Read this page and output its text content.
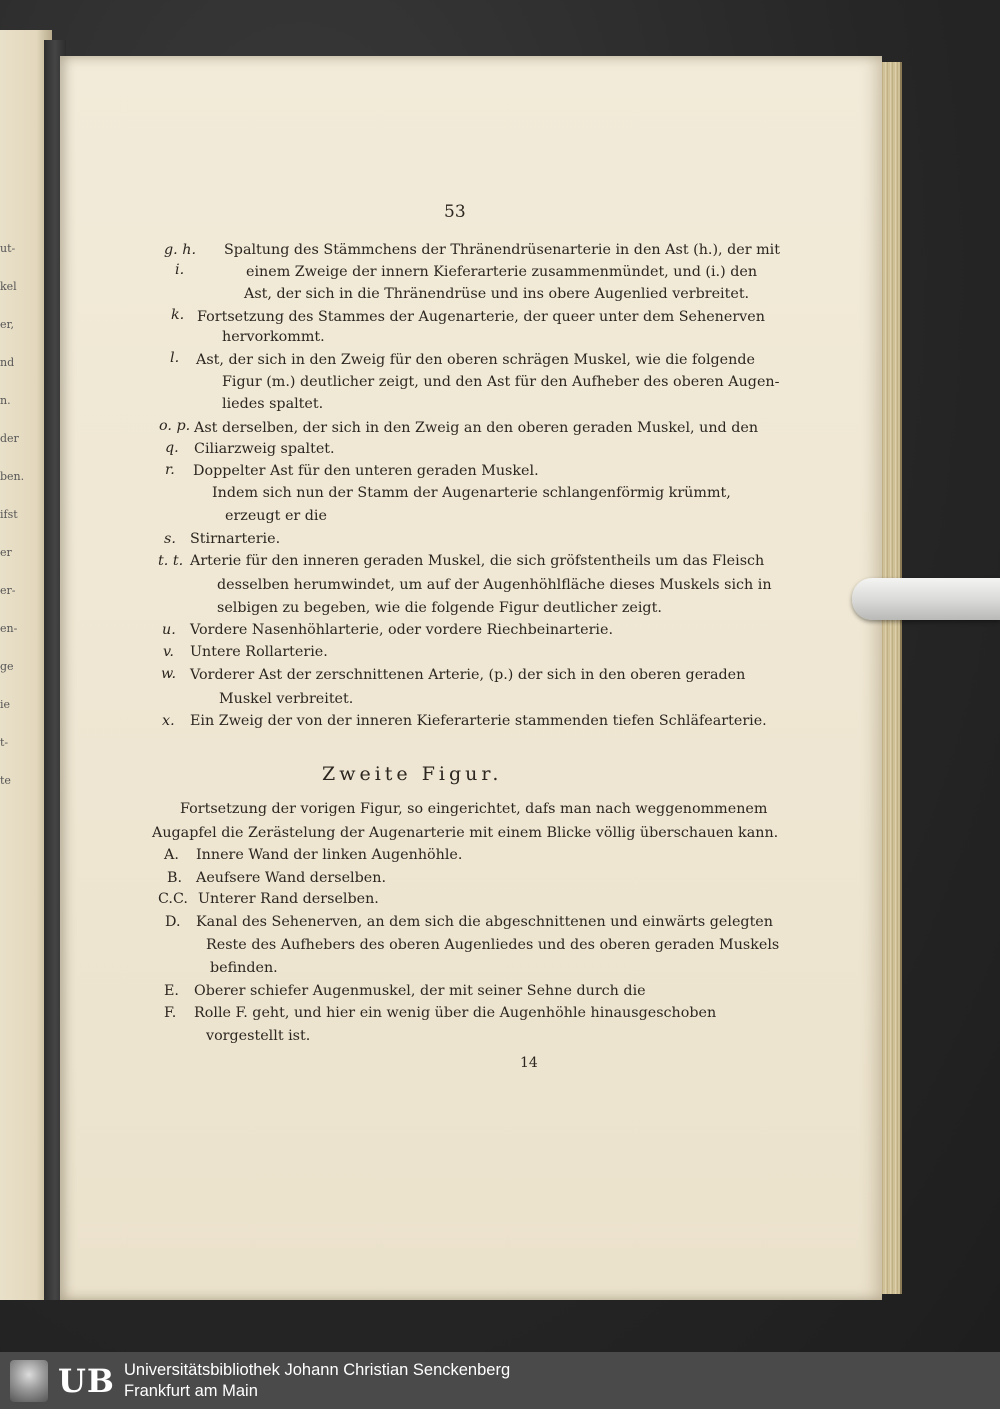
ut-
kel
er,
nd
n.
der
ben.
ifst
er
er-
en-
ge
ie
t-
te
53
g. h. Spaltung des Stämmchens der Thränendrüsenarterie in den Ast (h.), der mit
i.	einem Zweige der innern Kieferarterie zusammenmündet, und (i.) den
Ast, der sich in die Thränendrüse und ins obere Augenlied verbreitet.
k. Fortsetzung des Stammes der Augenarterie, der queer unter dem Sehenerven
hervorkommt.
l. Ast, der sich in den Zweig für den oberen schrägen Muskel, wie die folgende
Figur (m.) deutlicher zeigt, und den Ast für den Aufheber des oberen Augen-
liedes spaltet.
o. p. Ast derselben, der sich in den Zweig an den oberen geraden Muskel, und den
q. Ciliarzweig spaltet.
r. Doppelter Ast für den unteren geraden Muskel.
Indem sich nun der Stamm der Augenarterie schlangenförmig krümmt,
erzeugt er die
s. Stirnarterie.
t. t. Arterie für den inneren geraden Muskel, die sich gröfstentheils um das Fleisch
desselben herumwindet, um auf der Augenhöhlfläche dieses Muskels sich in
selbigen zu begeben, wie die folgende Figur deutlicher zeigt.
u. Vordere Nasenhöhlarterie, oder vordere Riechbeinarterie.
v. Untere Rollarterie.
w. Vorderer Ast der zerschnittenen Arterie, (p.) der sich in den oberen geraden
Muskel verbreitet.
x. Ein Zweig der von der inneren Kieferarterie stammenden tiefen Schläfearterie.
Fortsetzung der vorigen Figur, so eingerichtet, dafs man nach weggenommenem
Augapfel die Zerästelung der Augenarterie mit einem Blicke völlig überschauen kann.
A. Innere Wand der linken Augenhöhle.
B. Aeufsere Wand derselben.
C.C. Unterer Rand derselben.
D. Kanal des Sehenerven, an dem sich die abgeschnittenen und einwärts gelegten
Reste des Aufhebers des oberen Augenliedes und des oberen geraden Muskels
befinden.
E. Oberer schiefer Augenmuskel, der mit seiner Sehne durch die
F. Rolle F. geht, und hier ein wenig über die Augenhöhle hinausgeschoben
vorgestellt ist.
Zweite Figur.
14
UB Universitätsbibliothek Johann Christian Senckenberg
Frankfurt am Main
